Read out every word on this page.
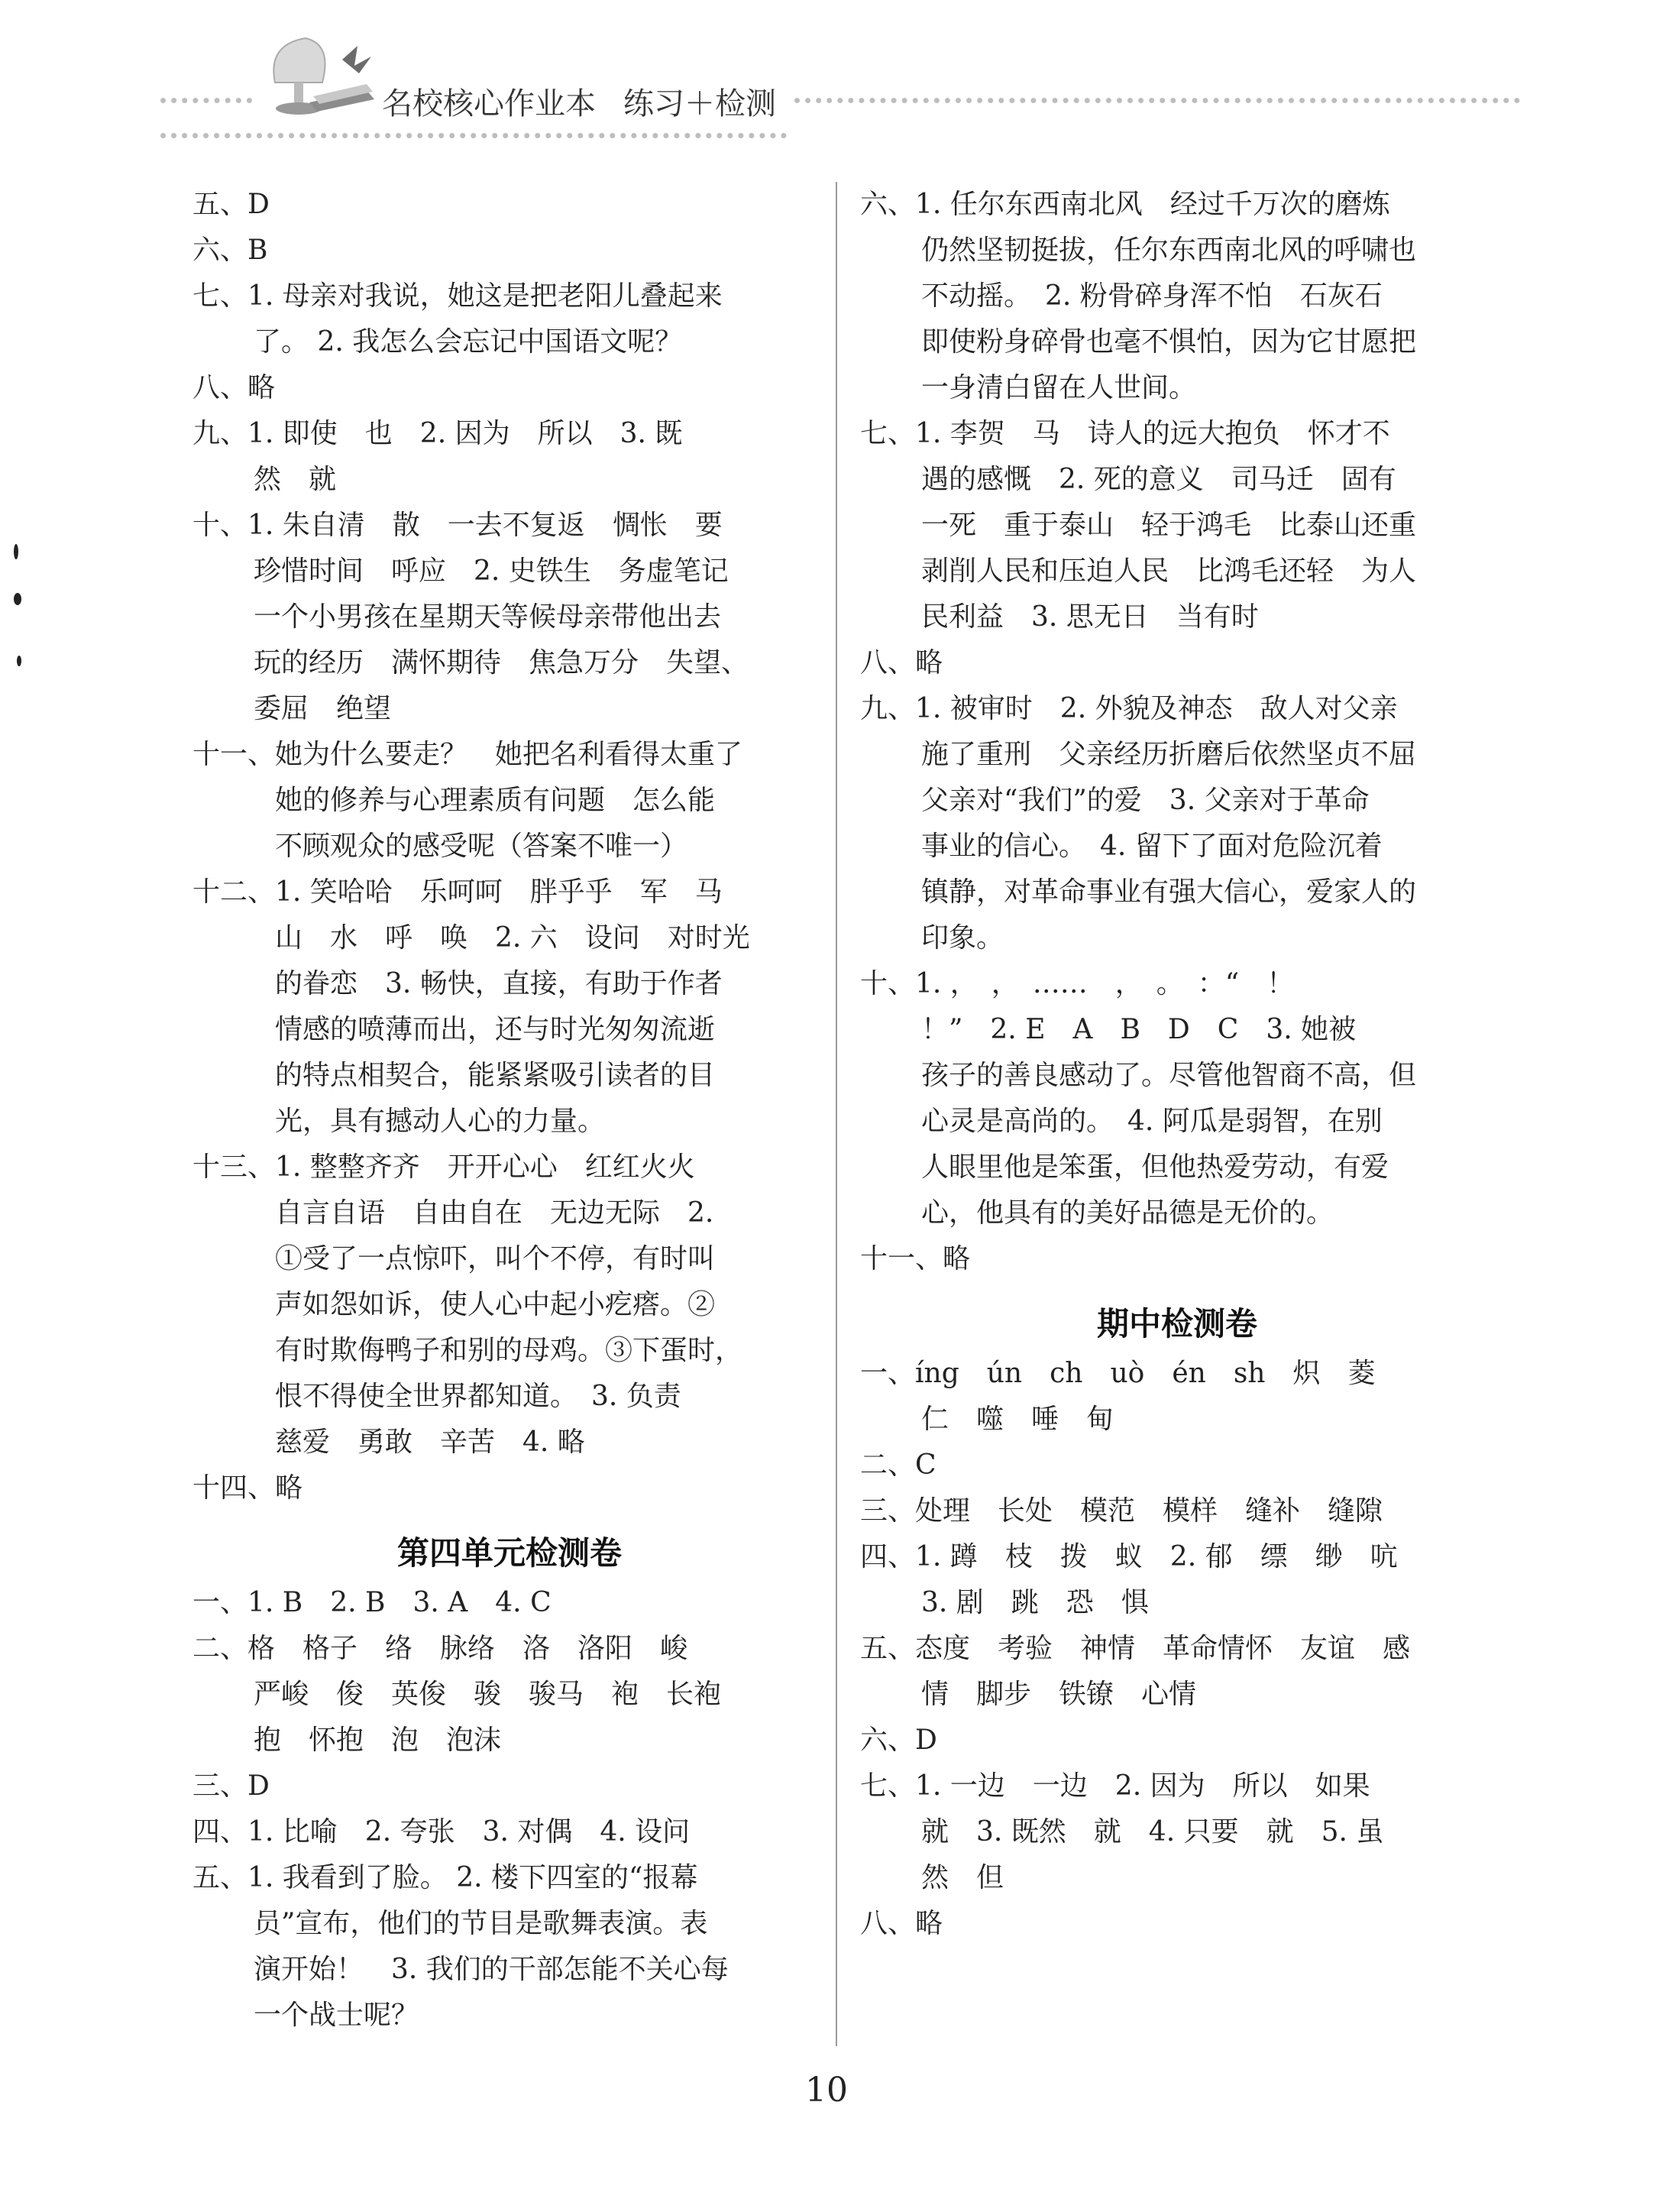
名校核心作业本 练习＋检测
五、D
六、B
七、1. 母亲对我说，她这是把老阳儿叠起来
了。 2. 我怎么会忘记中国语文呢？
八、略
九、1. 即使　也　2. 因为　所以　3. 既
然　就
十、1. 朱自清　散　一去不复返　惆怅　要
珍惜时间　呼应　2. 史铁生　务虚笔记
一个小男孩在星期天等候母亲带他出去
玩的经历　满怀期待　焦急万分　失望、
委屈　绝望
十一、她为什么要走？　她把名利看得太重了
她的修养与心理素质有问题　怎么能
不顾观众的感受呢（答案不唯一）
十二、1. 笑哈哈　乐呵呵　胖乎乎　军　马
山　水　呼　唤　2. 六　设问　对时光
的眷恋　3. 畅快，直接，有助于作者
情感的喷薄而出，还与时光匆匆流逝
的特点相契合，能紧紧吸引读者的目
光，具有撼动人心的力量。
十三、1. 整整齐齐　开开心心　红红火火
自言自语　自由自在　无边无际　2.
①受了一点惊吓，叫个不停，有时叫
声如怨如诉，使人心中起小疙瘩。②
有时欺侮鸭子和别的母鸡。③下蛋时，
恨不得使全世界都知道。　3. 负责
慈爱　勇敢　辛苦　4. 略
十四、略
第四单元检测卷
一、1. B　2. B　3. A　4. C
二、格　格子　络　脉络　洛　洛阳　峻
严峻　俊　英俊　骏　骏马　袍　长袍
抱　怀抱　泡　泡沫
三、D
四、1. 比喻　2. 夸张　3. 对偶　4. 设问
五、1. 我看到了脸。 2. 楼下四室的“报幕
员”宣布，他们的节目是歌舞表演。表
演开始！　3. 我们的干部怎能不关心每
一个战士呢？
六、1. 任尔东西南北风　经过千万次的磨炼
仍然坚韧挺拔，任尔东西南北风的呼啸也
不动摇。　2. 粉骨碎身浑不怕　石灰石
即使粉身碎骨也毫不惧怕，因为它甘愿把
一身清白留在人世间。
七、1. 李贺　马　诗人的远大抱负　怀才不
遇的感慨　2. 死的意义　司马迁　固有
一死　重于泰山　轻于鸿毛　比泰山还重
剥削人民和压迫人民　比鸿毛还轻　为人
民利益　3. 思无日　当有时
八、略
九、1. 被审时　2. 外貌及神态　敌人对父亲
施了重刑　父亲经历折磨后依然坚贞不屈
父亲对“我们”的爱　3. 父亲对于革命
事业的信心。　4. 留下了面对危险沉着
镇静，对革命事业有强大信心，爱家人的
印象。
十、1. ，　，　……　，　。　：“　！
！”　2. E　A　B　D　C　3. 她被
孩子的善良感动了。尽管他智商不高，但
心灵是高尚的。　4. 阿瓜是弱智，在别
人眼里他是笨蛋，但他热爱劳动，有爱
心，他具有的美好品德是无价的。
十一、略
期中检测卷
一、íng　ún　ch　uò　én　sh　炽　菱
仁　噬　唾　甸
二、C
三、处理　长处　模范　模样　缝补　缝隙
四、1. 蹲　枝　拨　蚁　2. 郁　缥　缈　吭
3. 剧　跳　恐　惧
五、态度　考验　神情　革命情怀　友谊　感
情　脚步　铁镣　心情
六、D
七、1. 一边　一边　2. 因为　所以　如果
就　3. 既然　就　4. 只要　就　5. 虽
然　但
八、略
10
